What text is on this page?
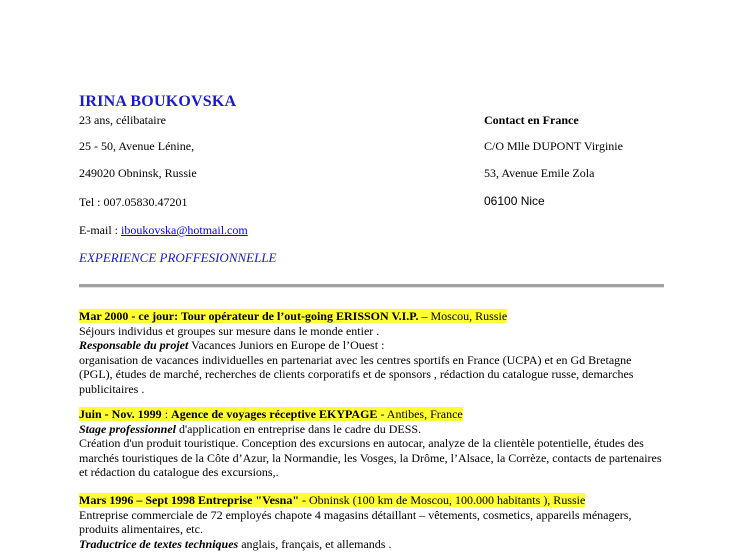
IRINA BOUKOVSKA
23 ans, célibataire	Contact en France
25 - 50, Avenue Lénine,	C/O Mlle DUPONT Virginie
249020 Obninsk, Russie	53, Avenue Emile Zola
Tel : 007.05830.47201	06100 Nice
E-mail : iboukovska@hotmail.com
EXPERIENCE PROFFESIONNELLE

Mar 2000 - ce jour: Tour opérateur de l’out-going ERISSON V.I.P. – Moscou, Russie

Séjours individus et groupes sur mesure dans le monde entier .

Responsable du projet Vacances Juniors en Europe de l’Ouest :

organisation de vacances individuelles en partenariat avec les centres sportifs en France (UCPA) et en Gd Bretagne (PGL), études de marché, recherches de clients corporatifs et de sponsors , rédaction du catalogue russe, demarches publicitaires .

Juin - Nov. 1999 : Agence de voyages réceptive EKYPAGE - Antibes, France

Stage professionnel d'application en entreprise dans le cadre du DESS.

Création d'un produit touristique. Conception des excursions en autocar, analyze de la clientèle potentielle, études des marchés touristiques de la Côte d’Azur, la Normandie, les Vosges, la Drôme, l’Alsace, la Corrèze, contacts de partenaires et rédaction du catalogue des excursions,.

Mars 1996 – Sept 1998 Entreprise "Vesna" - Obninsk (100 km de Moscou, 100.000 habitants ), Russie

Entreprise commerciale de 72 employés chapote 4 magasins détaillant – vêtements, cosmetics, appareils ménagers, produits alimentaires, etc.

Traductrice de textes techniques anglais, français, et allemands .
